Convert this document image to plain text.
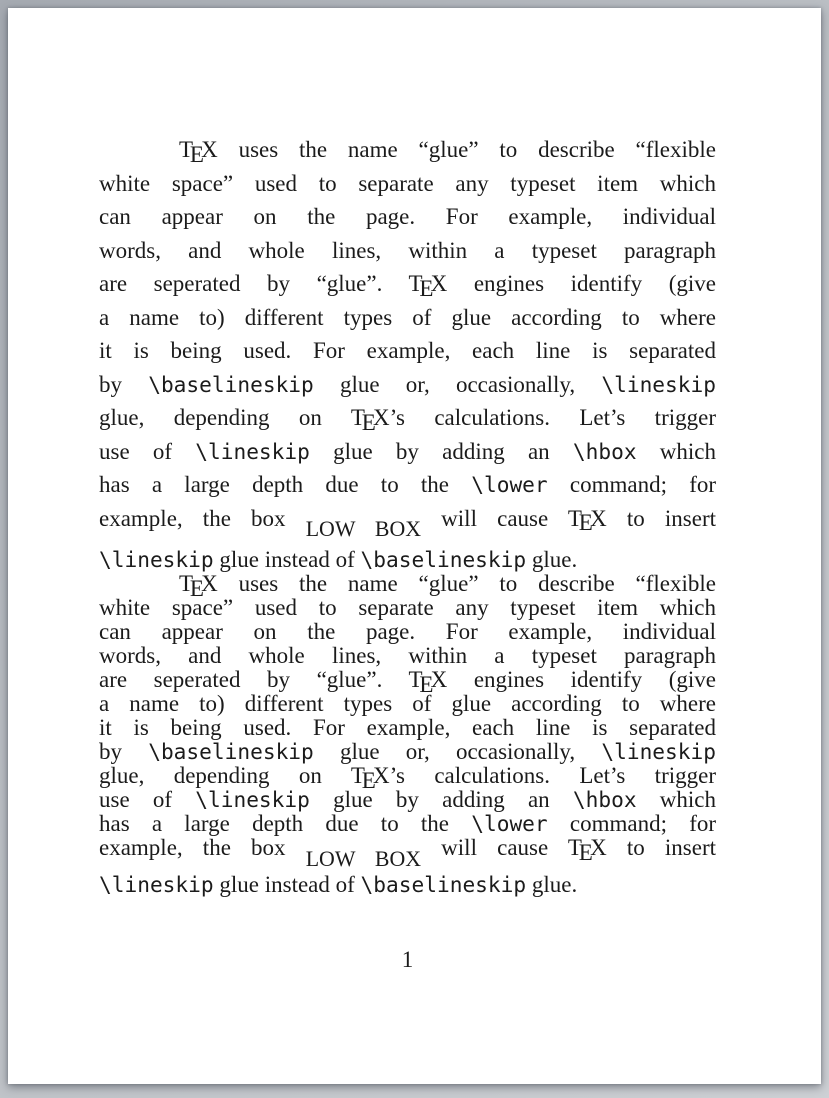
TEX uses the name “glue” to describe “flexible
white space” used to separate any typeset item which
can appear on the page. For example, individual
words, and whole lines, within a typeset paragraph
are seperated by “glue”. TEX engines identify (give
a name to) different types of glue according to where
it is being used. For example, each line is separated
by \baselineskip glue or, occasionally, \lineskip
glue, depending on TEX’s calculations. Let’s trigger
use of \lineskip glue by adding an \hbox which
has a large depth due to the \lower command; for
example, the box LOW BOX will cause TEX to insert
\lineskip glue instead of \baselineskip glue.
TEX uses the name “glue” to describe “flexible
white space” used to separate any typeset item which
can appear on the page. For example, individual
words, and whole lines, within a typeset paragraph
are seperated by “glue”. TEX engines identify (give
a name to) different types of glue according to where
it is being used. For example, each line is separated
by \baselineskip glue or, occasionally, \lineskip
glue, depending on TEX’s calculations. Let’s trigger
use of \lineskip glue by adding an \hbox which
has a large depth due to the \lower command; for
example, the box LOW BOX will cause TEX to insert
\lineskip glue instead of \baselineskip glue.
1
